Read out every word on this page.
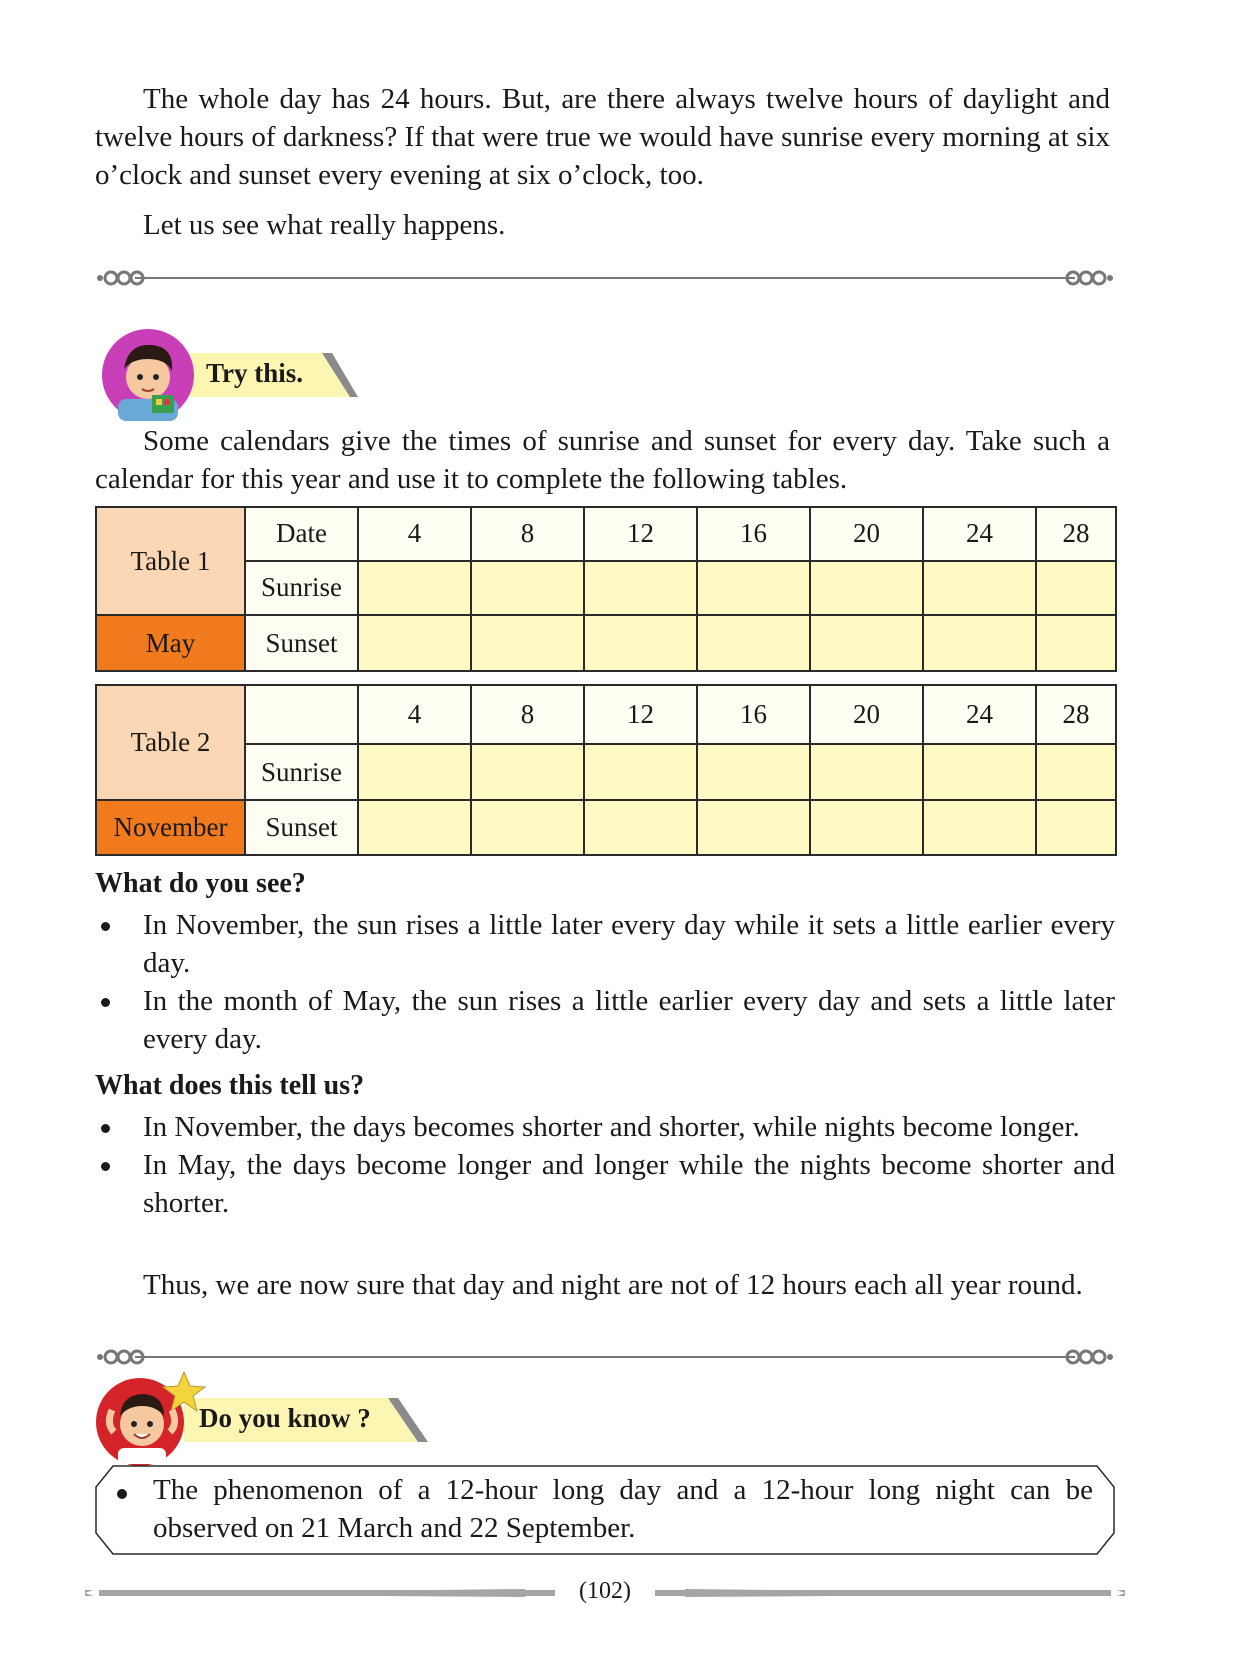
The whole day has 24 hours. But, are there always twelve hours of daylight and twelve hours of darkness? If that were true we would have sunrise every morning at six o’clock and sunset every evening at six o’clock, too.

Let us see what really happens.

Try this.

Some calendars give the times of sunrise and sunset for every day. Take such a calendar for this year and use it to complete the following tables.

Table 1	Date	4	8	12	16	20	24	28
	Sunrise							
May	Sunset							
Table 2		4	8	12	16	20	24	28
	Sunrise							
November	Sunset							
What do you see?
In November, the sun rises a little later every day while it sets a little earlier every day.
In the month of May, the sun rises a little earlier every day and sets a little later every day.
What does this tell us?
In November, the days becomes shorter and shorter, while nights become longer.
In May, the days become longer and longer while the nights become shorter and shorter.

Thus, we are now sure that day and night are not of 12 hours each all year round.

Do you know ?

The phenomenon of a 12-hour long day and a 12-hour long night can be observed on 21 March and 22 September.

(102)
